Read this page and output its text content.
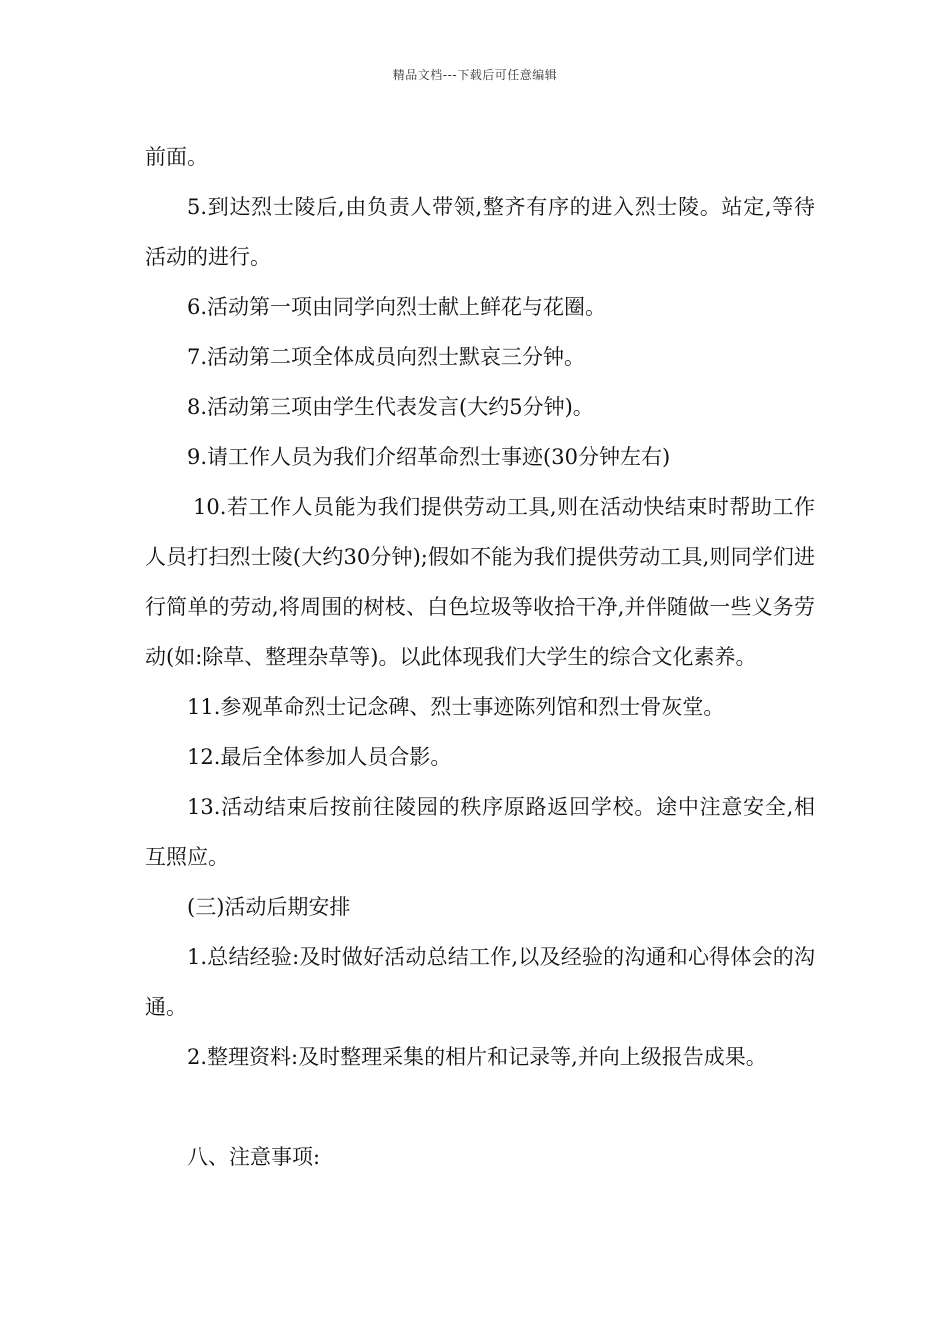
精品文档---下载后可任意编辑

前面。

5.到达烈士陵后,由负责人带领,整齐有序的进入烈士陵。站定,等待活动的进行。

6.活动第一项由同学向烈士献上鲜花与花圈。

7.活动第二项全体成员向烈士默哀三分钟。

8.活动第三项由学生代表发言(大约5分钟)。

9.请工作人员为我们介绍革命烈士事迹(30分钟左右)

10.若工作人员能为我们提供劳动工具,则在活动快结束时帮助工作人员打扫烈士陵(大约30分钟);假如不能为我们提供劳动工具,则同学们进行简单的劳动,将周围的树枝、白色垃圾等收拾干净,并伴随做一些义务劳动(如:除草、整理杂草等)。以此体现我们大学生的综合文化素养。

11.参观革命烈士记念碑、烈士事迹陈列馆和烈士骨灰堂。

12.最后全体参加人员合影。

13.活动结束后按前往陵园的秩序原路返回学校。途中注意安全,相互照应。

(三)活动后期安排

1.总结经验:及时做好活动总结工作,以及经验的沟通和心得体会的沟通。

2.整理资料:及时整理采集的相片和记录等,并向上级报告成果。

八、注意事项:
